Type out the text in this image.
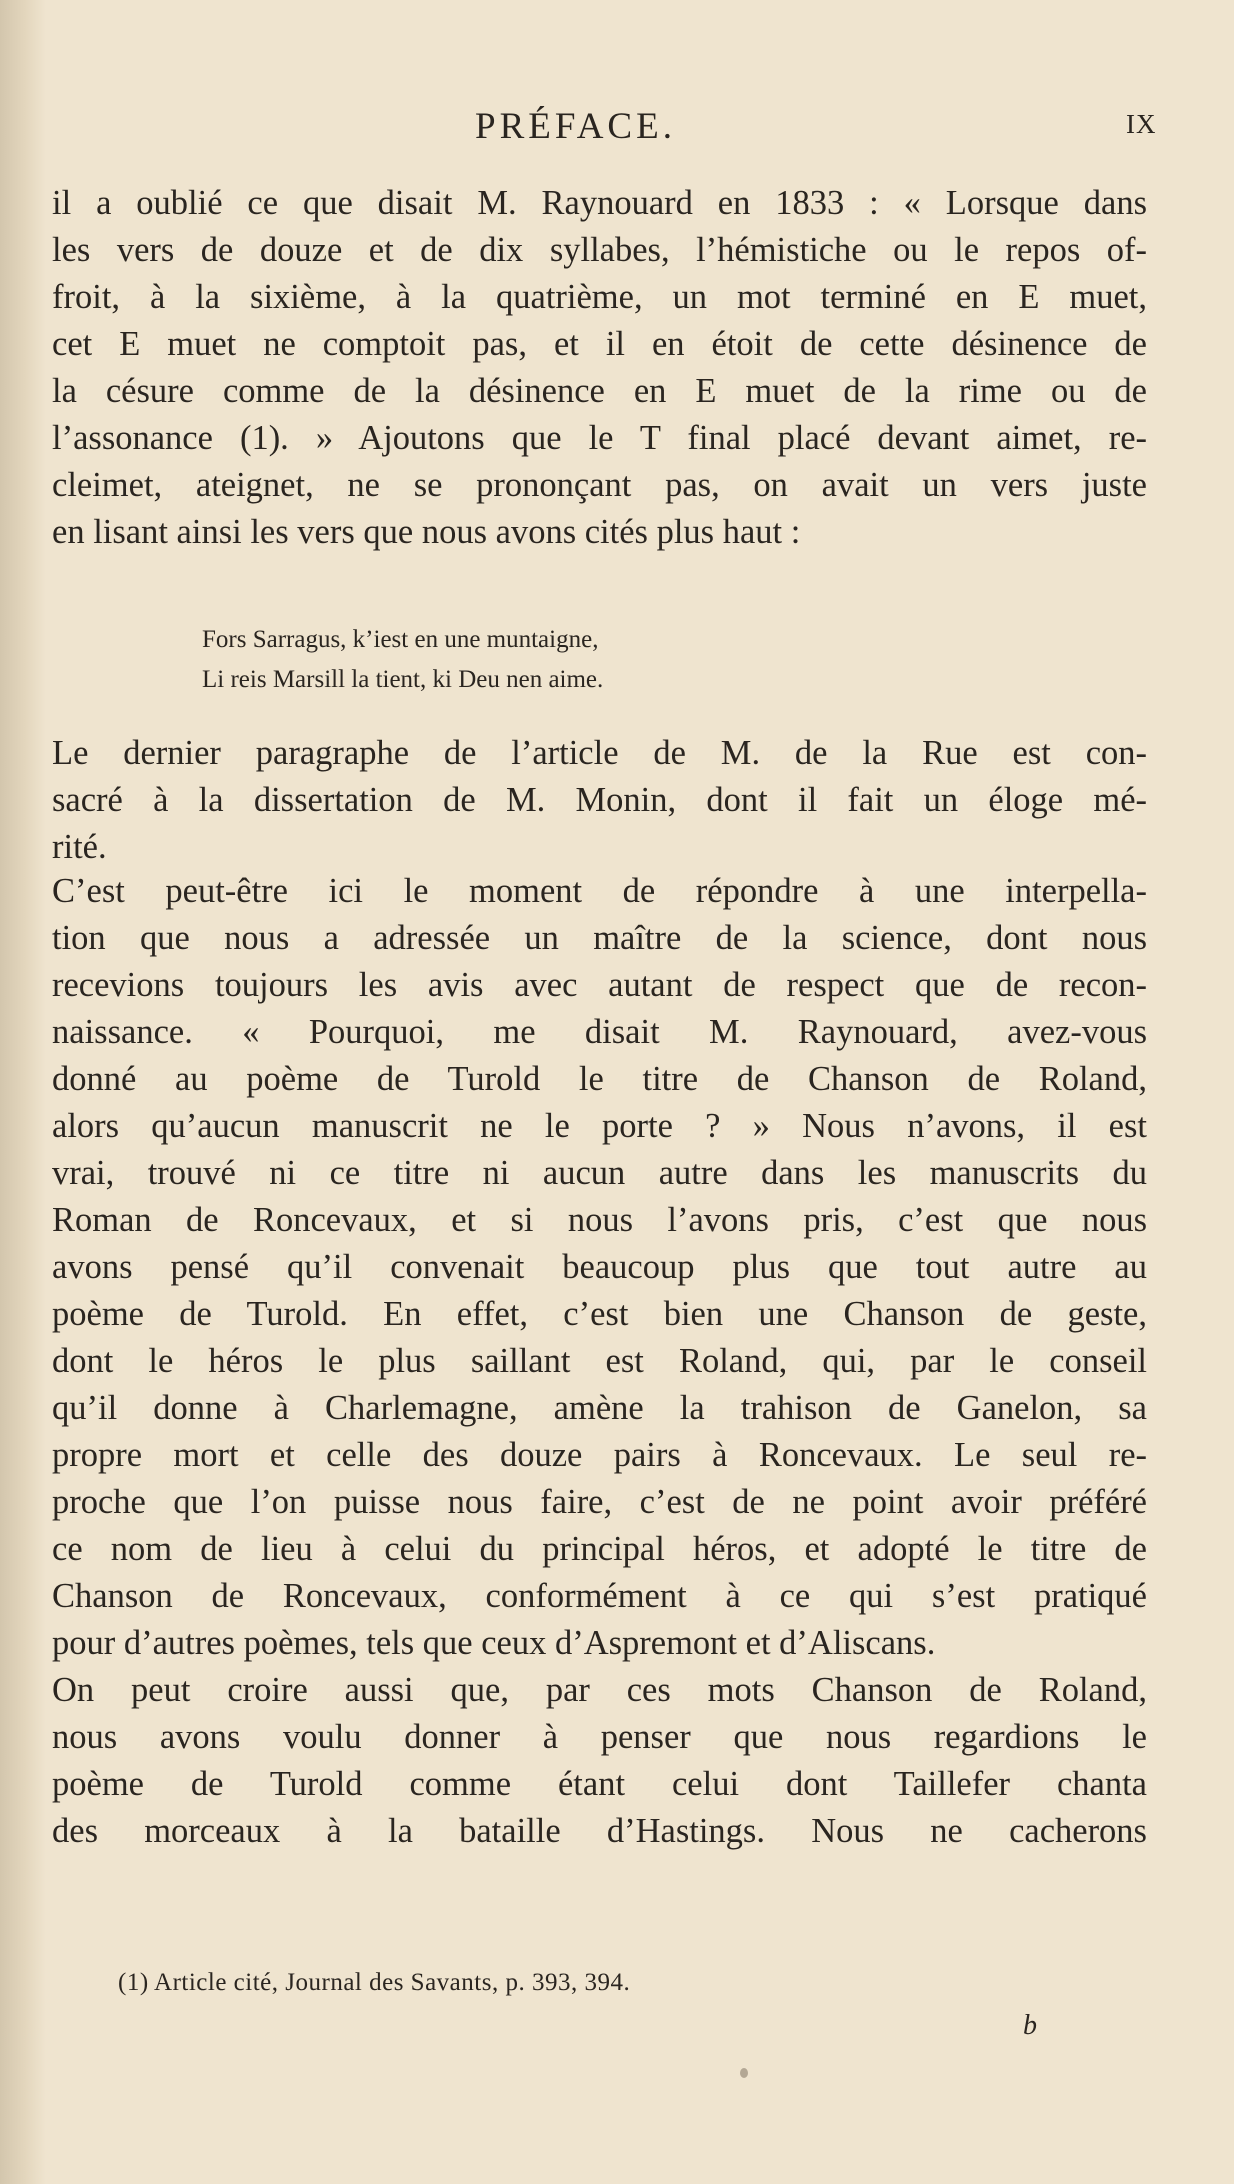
PRÉFACE.	IX
il a oublié ce que disait M. Raynouard en 1833 : « Lorsque dans
les vers de douze et de dix syllabes, l’hémistiche ou le repos of-
froit, à la sixième, à la quatrième, un mot terminé en E muet,
cet E muet ne comptoit pas, et il en étoit de cette désinence de
la césure comme de la désinence en E muet de la rime ou de
l’assonance (1). » Ajoutons que le T final placé devant aimet, re-
cleimet, ateignet, ne se prononçant pas, on avait un vers juste
en lisant ainsi les vers que nous avons cités plus haut :
Fors Sarragus, k’iest en une muntaigne,
Li reis Marsill la tient, ki Deu nen aime.
Le dernier paragraphe de l’article de M. de la Rue est con-
sacré à la dissertation de M. Monin, dont il fait un éloge mé-
rité.
C’est peut-être ici le moment de répondre à une interpella-
tion que nous a adressée un maître de la science, dont nous
recevions toujours les avis avec autant de respect que de recon-
naissance. « Pourquoi, me disait M. Raynouard, avez-vous
donné au poème de Turold le titre de Chanson de Roland,
alors qu’aucun manuscrit ne le porte ? » Nous n’avons, il est
vrai, trouvé ni ce titre ni aucun autre dans les manuscrits du
Roman de Roncevaux, et si nous l’avons pris, c’est que nous
avons pensé qu’il convenait beaucoup plus que tout autre au
poème de Turold. En effet, c’est bien une Chanson de geste,
dont le héros le plus saillant est Roland, qui, par le conseil
qu’il donne à Charlemagne, amène la trahison de Ganelon, sa
propre mort et celle des douze pairs à Roncevaux. Le seul re-
proche que l’on puisse nous faire, c’est de ne point avoir préféré
ce nom de lieu à celui du principal héros, et adopté le titre de
Chanson de Roncevaux, conformément à ce qui s’est pratiqué
pour d’autres poèmes, tels que ceux d’Aspremont et d’Aliscans.
On peut croire aussi que, par ces mots Chanson de Roland,
nous avons voulu donner à penser que nous regardions le
poème de Turold comme étant celui dont Taillefer chanta
des morceaux à la bataille d’Hastings. Nous ne cacherons
(1) Article cité, Journal des Savants, p. 393, 394.
b
